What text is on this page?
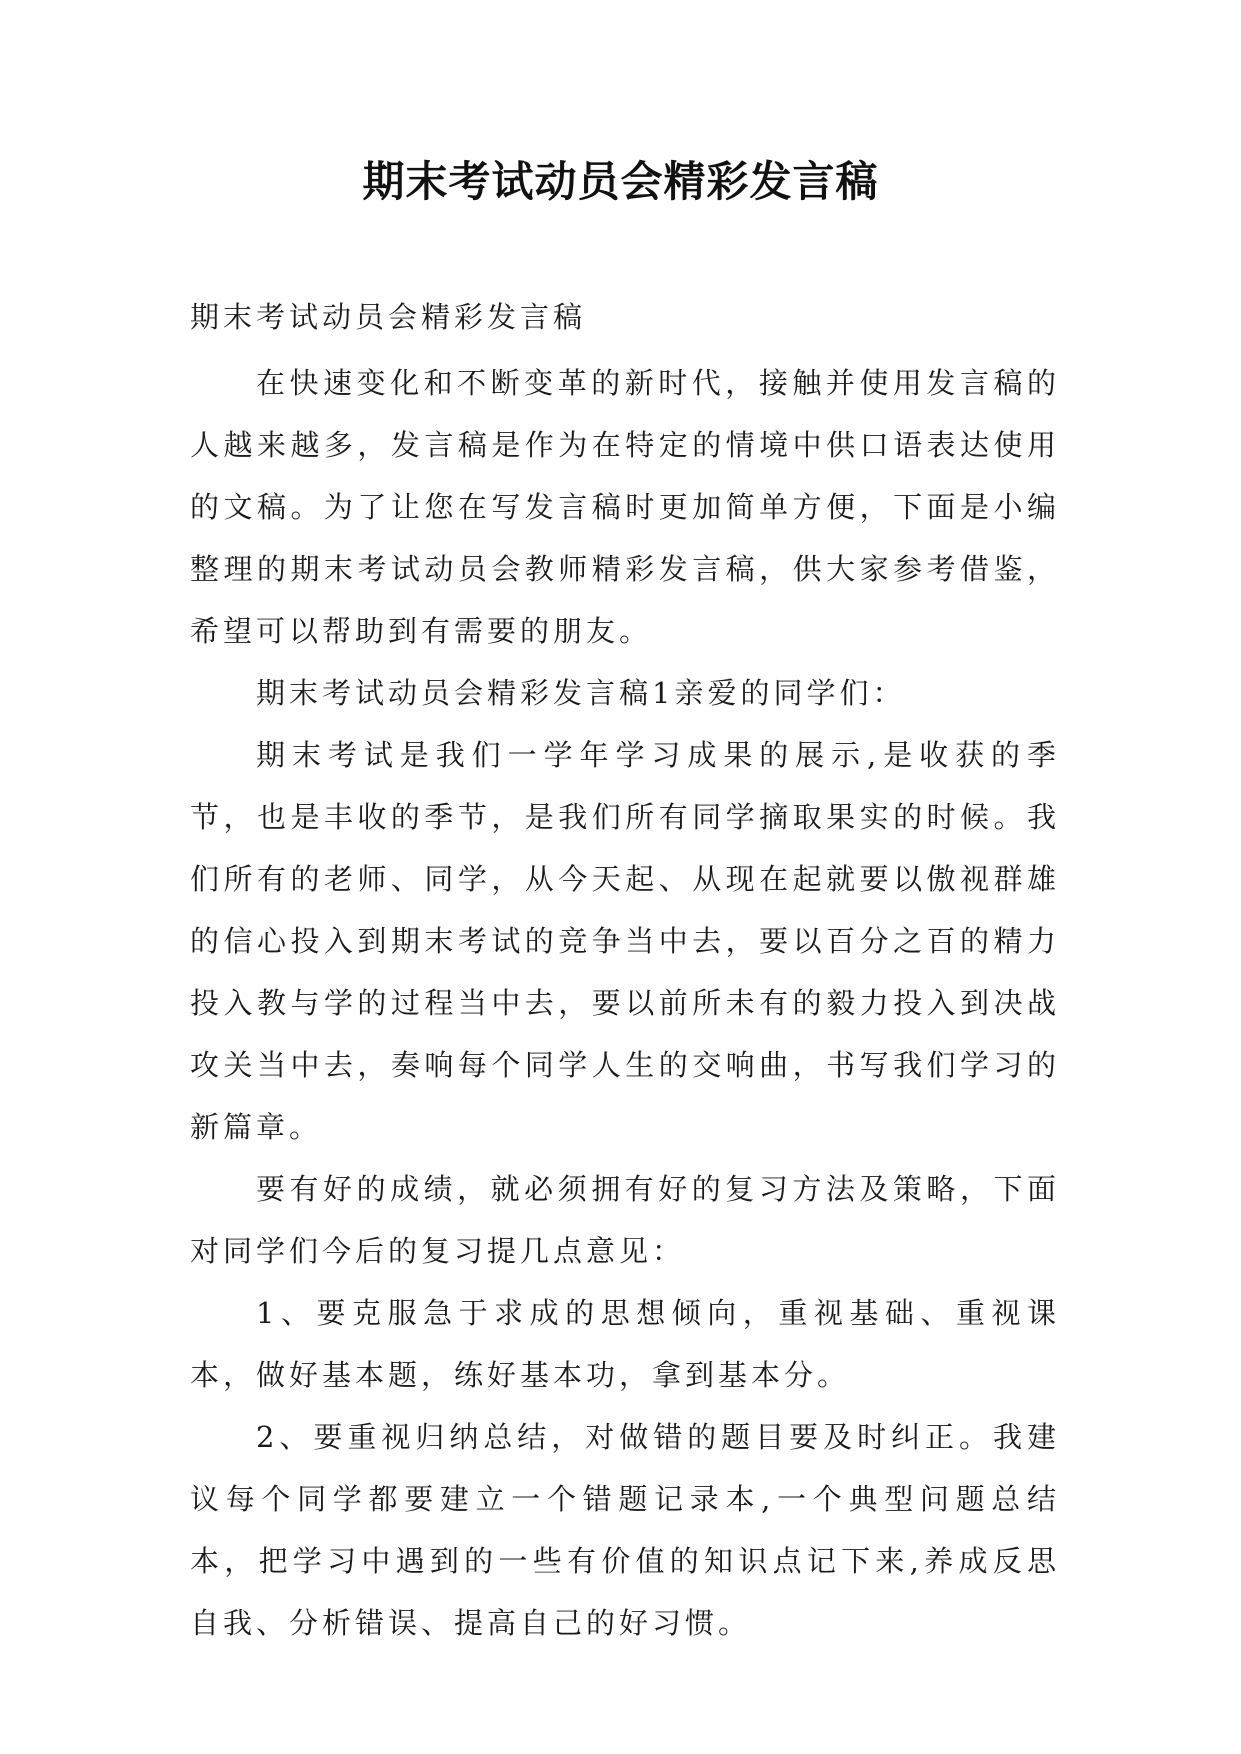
期末考试动员会精彩发言稿

期末考试动员会精彩发言稿

在快速变化和不断变革的新时代，接触并使用发言稿的人越来越多，发言稿是作为在特定的情境中供口语表达使用的文稿。为了让您在写发言稿时更加简单方便，下面是小编整理的期末考试动员会教师精彩发言稿，供大家参考借鉴，希望可以帮助到有需要的朋友。

期末考试动员会精彩发言稿1亲爱的同学们：

期末考试是我们一学年学习成果的展示,是收获的季节，也是丰收的季节，是我们所有同学摘取果实的时候。我们所有的老师、同学，从今天起、从现在起就要以傲视群雄的信心投入到期末考试的竞争当中去，要以百分之百的精力投入教与学的过程当中去，要以前所未有的毅力投入到决战攻关当中去，奏响每个同学人生的交响曲，书写我们学习的新篇章。

要有好的成绩，就必须拥有好的复习方法及策略，下面对同学们今后的复习提几点意见：

1、要克服急于求成的思想倾向，重视基础、重视课本，做好基本题，练好基本功，拿到基本分。

2、要重视归纳总结，对做错的题目要及时纠正。我建议每个同学都要建立一个错题记录本,一个典型问题总结本，把学习中遇到的一些有价值的知识点记下来,养成反思自我、分析错误、提高自己的好习惯。
